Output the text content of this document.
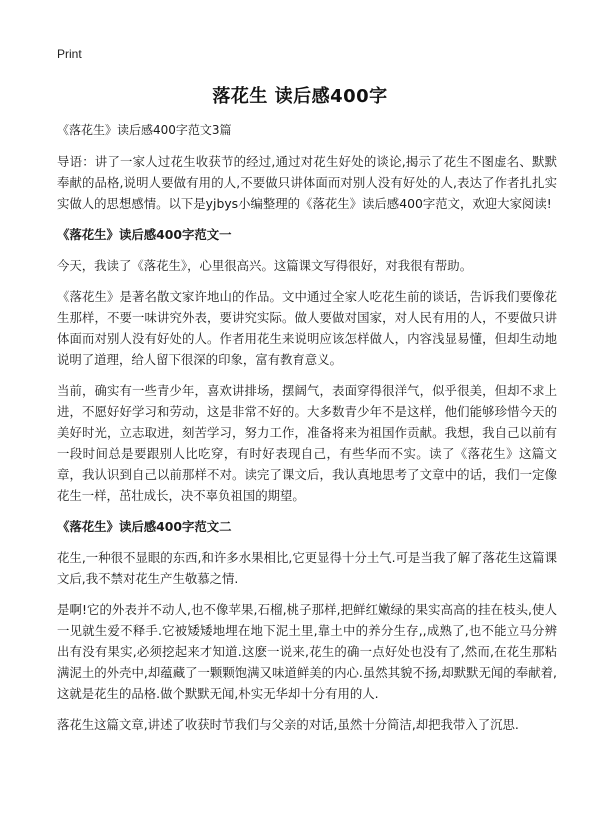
Print
落花生 读后感400字

《落花生》读后感400字范文3篇

导语：讲了一家人过花生收获节的经过,通过对花生好处的谈论,揭示了花生不图虚名、默默奉献的品格,说明人要做有用的人,不要做只讲体面而对别人没有好处的人,表达了作者扎扎实实做人的思想感情。以下是yjbys小编整理的《落花生》读后感400字范文，欢迎大家阅读!

《落花生》读后感400字范文一

今天，我读了《落花生》，心里很高兴。这篇课文写得很好，对我很有帮助。

《落花生》是著名散文家许地山的作品。文中通过全家人吃花生前的谈话，告诉我们要像花生那样，不要一味讲究外表，要讲究实际。做人要做对国家，对人民有用的人，不要做只讲体面而对别人没有好处的人。作者用花生来说明应该怎样做人，内容浅显易懂，但却生动地说明了道理，给人留下很深的印象，富有教育意义。

当前，确实有一些青少年，喜欢讲排场，摆阔气，表面穿得很洋气，似乎很美，但却不求上进，不愿好好学习和劳动，这是非常不好的。大多数青少年不是这样，他们能够珍惜今天的美好时光，立志取进，刻苦学习，努力工作，准备将来为祖国作贡献。我想，我自己以前有一段时间总是要跟别人比吃穿，有时好表现自己，有些华而不实。读了《落花生》这篇文章，我认识到自己以前那样不对。读完了课文后，我认真地思考了文章中的话，我们一定像花生一样，茁壮成长，决不辜负祖国的期望。

《落花生》读后感400字范文二

花生,一种很不显眼的东西,和许多水果相比,它更显得十分土气.可是当我了解了落花生这篇课文后,我不禁对花生产生敬慕之情.

是啊!它的外表并不动人,也不像苹果,石榴,桃子那样,把鲜红嫩绿的果实高高的挂在枝头,使人一见就生爱不释手.它被矮矮地埋在地下泥土里,靠土中的养分生存,,成熟了,也不能立马分辨出有没有果实,必须挖起来才知道.这麽一说来,花生的确一点好处也没有了,然而,在花生那粘满泥土的外壳中,却蕴藏了一颗颗饱满又味道鲜美的内心.虽然其貌不扬,却默默无闻的奉献着,这就是花生的品格.做个默默无闻,朴实无华却十分有用的人.

落花生这篇文章,讲述了收获时节我们与父亲的对话,虽然十分简洁,却把我带入了沉思.
